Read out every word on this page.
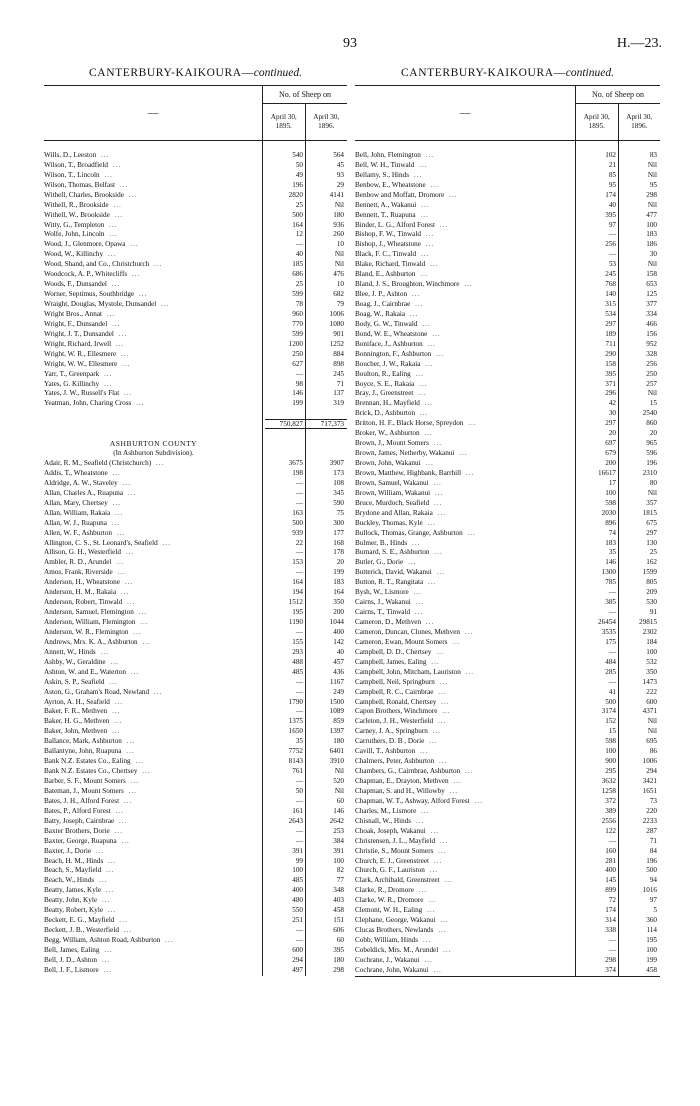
93	H.—23.
CANTERBURY-KAIKOURA—continued.
—
No. of Sheep on
April 30, 1895.
April 30, 1896.
Wills, D., Leeston ...	540	564
Wilson, T., Broadfield ...	50	45
Wilson, T., Lincoln ...	49	93
Wilson, Thomas, Belfast ...	196	29
Withell, Charles, Brookside ...	2820	4141
Withell, R., Brookside ...	25	Nil
Withell, W., Brookside ...	500	180
Witty, G., Templeton ...	164	936
Wolfe, John, Lincoln ...	12	260
Wood, J., Glenmore, Opawa ...	—	10
Wood, W., Killinchy ...	40	Nil
Wood, Shand, and Co., Christchurch ...	185	Nil
Woodcock, A. P., Whitecliffs ...	686	476
Woods, F., Dunsandel ...	25	10
Worner, Septimus, Southbridge ...	599	682
Wraight, Douglas, Mystole, Dunsandel ...	78	79
Wright Bros., Annat ...	960	1006
Wright, F., Dunsandel ...	770	1080
Wright, J. T., Dunsandel ...	599	901
Wright, Richard, Irwell ...	1200	1252
Wright, W. R., Ellesmere ...	250	884
Wright, W. W., Ellesmere ...	627	898
Yarr, T., Greenpark ...	—	245
Yates, G. Killinchy ...	98	71
Yates, J. W., Russell's Flat ...	146	137
Yeatman, John, Charing Cross ...	199	319
750,827	717,373
ASHBURTON COUNTY
(In Ashburton Subdivision).
Adair, R. M., Seafield (Christchurch) ...	3675	3907
Addis, T., Wheatstone ...	198	173
Aldridge, A. W., Staveley ...	—	108
Allan, Charles A., Ruapuna ...	—	345
Allan, Mary, Chertsey ...	—	590
Allan, William, Rakaia ...	163	75
Allan, W. J., Ruapuna ...	500	300
Allen, W. F., Ashburton ...	939	177
Allington, C. S., St. Leonard's, Seafield ...	22	168
Allison, G. H., Westerfield ...	—	178
Ambler, R. D., Arundel ...	153	20
Amos, Frank, Riverside ...	—	199
Anderson, H., Wheatstone ...	164	183
Anderson, H. M., Rakaia ...	194	164
Anderson, Robert, Tinwald ...	1512	350
Anderson, Samuel, Flemington ...	195	200
Anderson, William, Flemington ...	1190	1044
Anderson, W. R., Flemington ...	—	400
Andrews, Mrs. K. A., Ashburton ...	155	142
Annett, W., Hinds ...	293	40
Ashby, W., Geraldine ...	488	457
Ashton, W. and E., Waterton ...	485	436
Askin, S. P., Seafield ...	—	1167
Aston, G., Graham's Road, Newland ...	—	249
Ayrton, A. H., Seafield ...	1790	1500
Baker, F. R., Methven ...	—	1089
Baker, H. G., Methven ...	1375	859
Baker, John, Methven ...	1650	1397
Ballance, Mark, Ashburton ...	35	180
Ballantyne, John, Ruapuna ...	7752	6401
Bank N.Z. Estates Co., Ealing ...	8143	3910
Bank N.Z. Estates Co., Chertsey ...	761	Nil
Barber, S. F., Mount Somers ...	—	520
Bateman, J., Mount Somers ...	50	Nil
Bates, J. H., Alford Forest ...	—	60
Bates, P., Alford Forest ...	161	146
Batty, Joseph, Cairnbrae ...	2643	2642
Baxter Brothers, Dorie ...	—	253
Baxter, George, Ruapuna ...	—	384
Baxter, J., Dorie ...	391	391
Beach, H. M., Hinds ...	99	100
Beach, S., Mayfield ...	100	82
Beach, W., Hinds ...	485	77
Beatty, James, Kyle ...	400	348
Beatty, John, Kyle ...	480	403
Beatty, Robert, Kyle ...	550	458
Beckett, E. G., Mayfield ...	251	151
Beckett, J. B., Westerfield ...	—	606
Begg, William, Ashton Road, Ashburton ...	—	60
Bell, James, Ealing ...	600	395
Bell, J. D., Ashton ...	294	180
Bell, J. F., Lismore ...	497	298
CANTERBURY-KAIKOURA—continued.
—
No. of Sheep on
April 30, 1895.
April 30, 1896.
Bell, John, Flemington ...	102	83
Bell, W. H., Tinwald ...	21	Nil
Bellamy, S., Hinds ...	85	Nil
Benbow, E., Wheatstone ...	95	95
Benbow and Moffatt, Dromore ...	174	298
Bennett, A., Wakanui ...	40	Nil
Bennett, T., Ruapuna ...	395	477
Binder, L. G., Alford Forest ...	97	100
Bishop, F. W., Tinwald ...	—	183
Bishop, J., Wheatstone ...	256	186
Black, F. C., Tinwald ...	—	30
Blake, Richard, Tinwald ...	53	Nil
Bland, E., Ashburton ...	245	158
Bland, J. S., Broughton, Winchmore ...	768	653
Blee, J. P., Ashton ...	140	125
Boag, J., Cairnbrae ...	315	377
Boag, W., Rakaia ...	534	334
Body, G. W., Tinwald ...	297	466
Bond, W. E., Wheatstone ...	189	156
Boniface, J., Ashburton ...	711	952
Bonnington, F., Ashburton ...	290	328
Boucher, J. W., Rakaia ...	158	256
Boulton, R., Ealing ...	395	250
Boyce, S. E., Rakaia ...	371	257
Bray, J., Greenstreet ...	296	Nil
Brennan, H., Mayfield ...	42	15
Brick, D., Ashburton ...	30	2540
Britton, H. F., Black Horse, Spreydon ...	297	860
Broker, W., Ashburton ...	20	20
Brown, J., Mount Somers ...	697	965
Brown, James, Netherby, Wakanui ...	679	596
Brown, John, Wakanui ...	200	196
Brown, Matthew, Highbank, Barrhill ...	16617	2310
Brown, Samuel, Wakanui ...	17	80
Brown, William, Wakanui ...	100	Nil
Bruce, Murdoch, Seafield ...	598	357
Brydone and Allan, Rakaia ...	2030	1815
Buckley, Thomas, Kyle ...	896	675
Bullock, Thomas, Grange, Ashburton ...	74	297
Bulmer, B., Hinds ...	183	130
Burnard, S. E., Ashburton ...	35	25
Butler, G., Dorie ...	146	162
Butterick, David, Wakanui ...	1300	1599
Button, R. T., Rangitata ...	785	805
Bysh, W., Lismore ...	—	209
Cairns, J., Wakanui ...	385	530
Cairns, T., Tinwald ...	—	91
Cameron, D., Methven ...	26454	29815
Cameron, Duncan, Clunes, Methven ...	3535	2302
Cameron, Ewan, Mount Somers ...	175	184
Campbell, D. D., Chertsey ...	—	100
Campbell, James, Ealing ...	484	532
Campbell, John, Mitcham, Lauriston ...	285	350
Campbell, Neil, Springburn ...	—	1473
Campbell, R. C., Cairnbrae ...	41	222
Campbell, Ronald, Chertsey ...	500	600
Capon Brothers, Winchmore ...	3174	4371
Carleton, J. H., Westerfield ...	152	Nil
Carney, J. A., Springburn ...	15	Nil
Carruthers, D. B , Dorie ...	598	695
Cavill, T., Ashburton ...	100	86
Chalmers, Peter, Ashburton ...	900	1006
Chambers, G., Cairnbrae, Ashburton ...	295	294
Chapman, E., Drayton, Methven ...	3632	3421
Chapman, S. and H., Willowby ...	1258	1651
Chapman, W. T., Ashway, Alford Forest ...	372	73
Charles, M., Lismore ...	389	220
Chisnall, W., Hinds ...	2556	2233
Choak, Joseph, Wakanui ...	122	287
Christensen, J. L., Mayfield ...	—	71
Christie, S., Mount Somers ...	160	84
Church, E. J., Greenstreet ...	281	196
Church, G. F., Lauriston ...	400	500
Clark, Archibald, Greenstreet ...	145	94
Clarke, R., Dromore ...	899	1016
Clarke, W. R., Dromore ...	72	97
Clemont, W. H., Ealing ...	174	5
Clephane, George, Wakanui ...	314	360
Clucas Brothers, Newlands ...	338	114
Cobb, William, Hinds ...	—	195
Cobeldick, Mrs. M., Arundel ...	—	100
Cochrane, J., Wakanui ...	298	199
Cochrane, John, Wakanui ...	374	458
